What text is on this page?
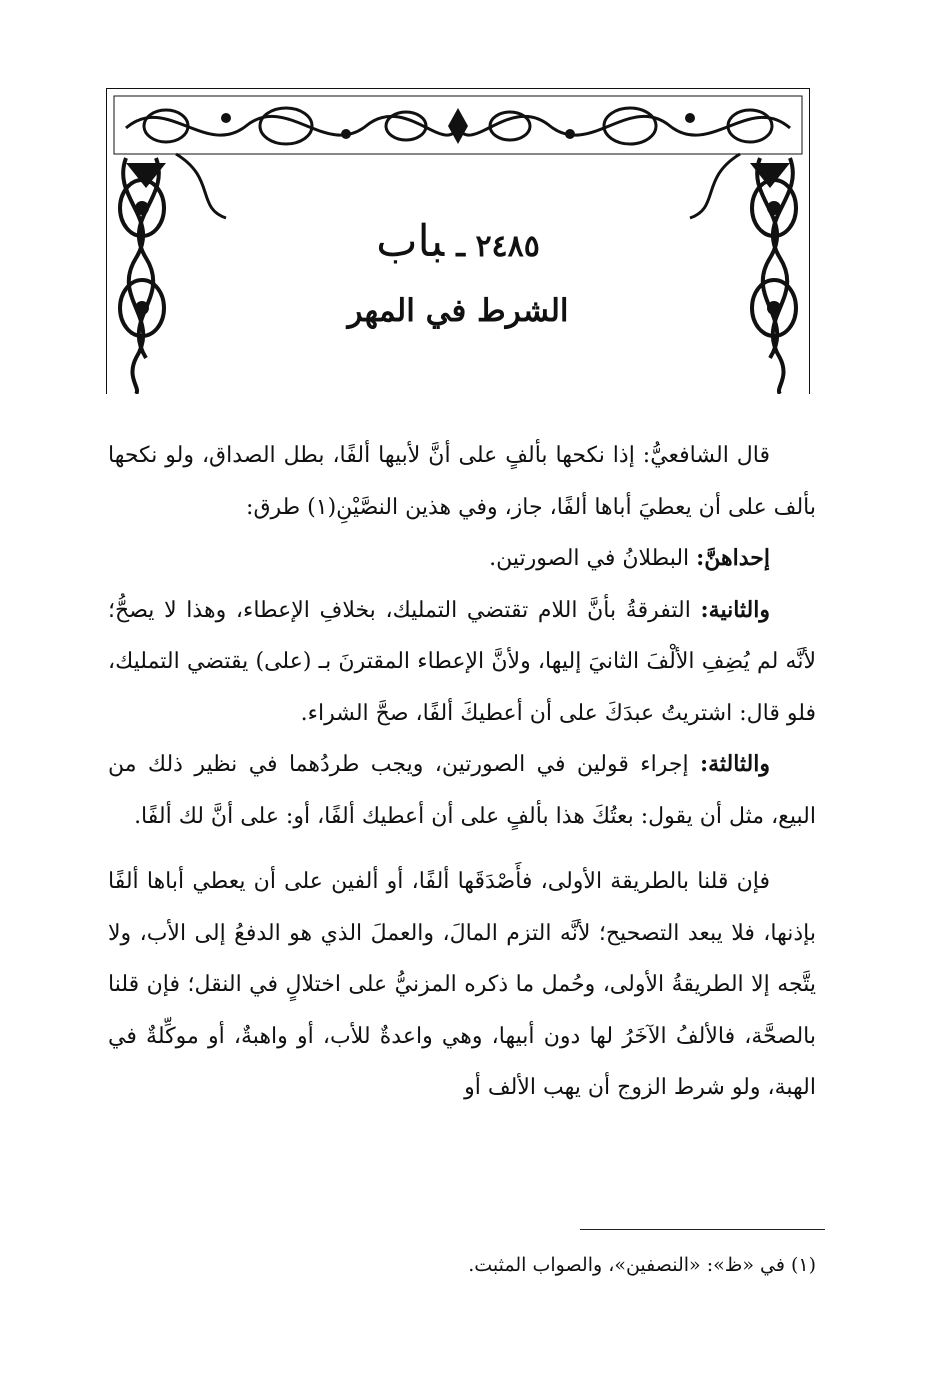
٢٤٨٥ ـباب
الشرط في المهر

قال الشافعيُّ: إذا نكحها بألفٍ على أنَّ لأبيها ألفًا، بطل الصداق، ولو نكحها بألف على أن يعطيَ أباها ألفًا، جاز، وفي هذين النصَّيْنِ(١) طرق:

إحداهنَّ: البطلانُ في الصورتين.

والثانية: التفرقةُ بأنَّ اللام تقتضي التمليك، بخلافِ الإعطاء، وهذا لا يصحُّ؛ لأنَّه لم يُضِفِ الألْفَ الثانيَ إليها، ولأنَّ الإعطاء المقترنَ بـ (على) يقتضي التمليك، فلو قال: اشتريتُ عبدَكَ على أن أعطيكَ ألفًا، صحَّ الشراء.

والثالثة: إجراء قولين في الصورتين، ويجب طردُهما في نظير ذلك من البيع، مثل أن يقول: بعتُكَ هذا بألفٍ على أن أعطيك ألفًا، أو: على أنَّ لك ألفًا.

فإن قلنا بالطريقة الأولى، فأَصْدَقَها ألفًا، أو ألفين على أن يعطي أباها ألفًا بإذنها، فلا يبعد التصحيح؛ لأنَّه التزم المالَ، والعملَ الذي هو الدفعُ إلى الأب، ولا يتَّجه إلا الطريقةُ الأولى، وحُمل ما ذكره المزنيُّ على اختلالٍ في النقل؛ فإن قلنا بالصحَّة، فالألفُ الآخَرُ لها دون أبيها، وهي واعدةٌ للأب، أو واهبةٌ، أو موكِّلةٌ في الهبة، ولو شرط الزوج أن يهب الألف أو

(١) في «ظ»: «النصفين»، والصواب المثبت.
